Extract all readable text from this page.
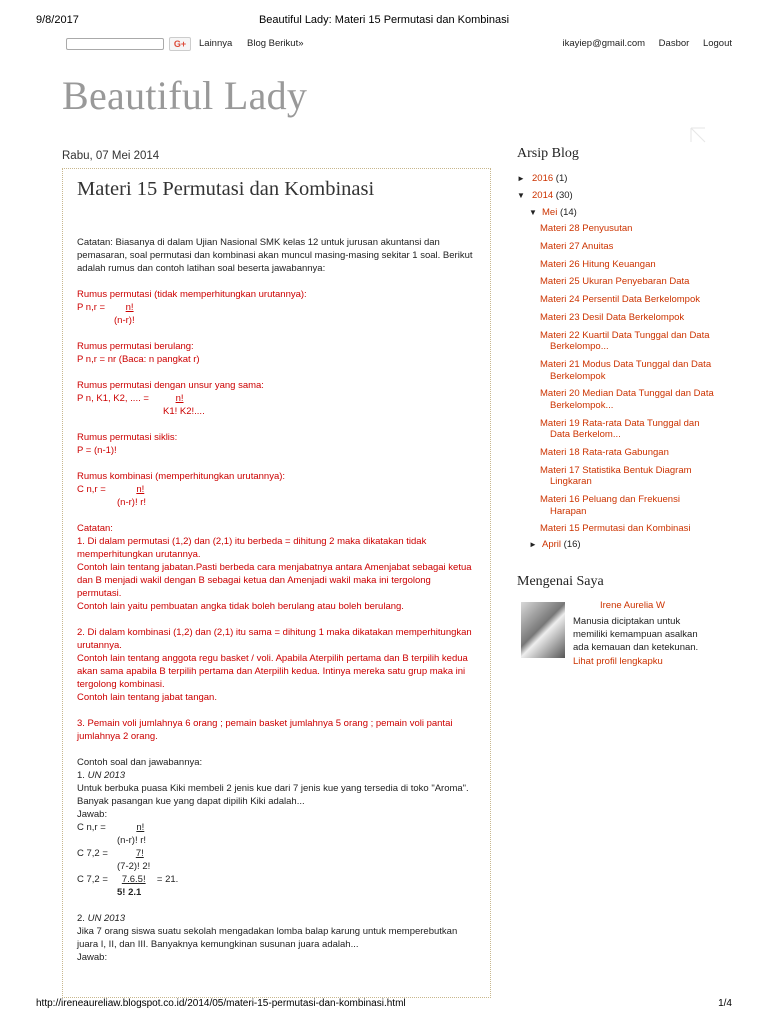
9/8/2017	Beautiful Lady: Materi 15 Permutasi dan Kombinasi
G+	Lainnya Blog Berikut»	ikayiep@gmail.com Dasbor Logout
Beautiful Lady
Rabu, 07 Mei 2014
Materi 15 Permutasi dan Kombinasi

Catatan: Biasanya di dalam Ujian Nasional SMK kelas 12 untuk jurusan akuntansi dan

pemasaran, soal permutasi dan kombinasi akan muncul masing-masing sekitar 1 soal. Berikut

adalah rumus dan contoh latihan soal beserta jawabannya:

Rumus permutasi (tidak memperhitungkan urutannya):

P n,r = n!

(n-r)!

Rumus permutasi berulang:

P n,r = nr (Baca: n pangkat r)

Rumus permutasi dengan unsur yang sama:

P n, K1, K2, .... =	n!

K1! K2!....

Rumus permutasi siklis:

P = (n-1)!

Rumus kombinasi (memperhitungkan urutannya):

C n,r =	n!

(n-r)! r!

Catatan:

1. Di dalam permutasi (1,2) dan (2,1) itu berbeda = dihitung 2 maka dikatakan tidak

memperhitungkan urutannya.

Contoh lain tentang jabatan.Pasti berbeda cara menjabatnya antara Amenjabat sebagai ketua

dan B menjadi wakil dengan B sebagai ketua dan Amenjadi wakil maka ini tergolong

permutasi.

Contoh lain yaitu pembuatan angka tidak boleh berulang atau boleh berulang.

2. Di dalam kombinasi (1,2) dan (2,1) itu sama = dihitung 1 maka dikatakan memperhitungkan

urutannya.

Contoh lain tentang anggota regu basket / voli. Apabila Aterpilih pertama dan B terpilih kedua

akan sama apabila B terpilih pertama dan Aterpilih kedua. Intinya mereka satu grup maka ini

tergolong kombinasi.

Contoh lain tentang jabat tangan.

3. Pemain voli jumlahnya 6 orang ; pemain basket jumlahnya 5 orang ; pemain voli pantai

jumlahnya 2 orang.

Contoh soal dan jawabannya:

1. UN 2013

Untuk berbuka puasa Kiki membeli 2 jenis kue dari 7 jenis kue yang tersedia di toko "Aroma".

Banyak pasangan kue yang dapat dipilih Kiki adalah...

Jawab:

C n,r =	n!

(n-r)! r!

C 7,2 =	7!

(7-2)! 2!

C 7,2 = 7.6.5! = 21.

5! 2.1

2. UN 2013

Jika 7 orang siswa suatu sekolah mengadakan lomba balap karung untuk memperebutkan

juara I, II, dan III. Banyaknya kemungkinan susunan juara adalah...

Jawab:

Arsip Blog
► 2016 (1)
▼ 2014 (30)
▼ Mei (14)
Materi 28 Penyusutan
Materi 27 Anuitas
Materi 26 Hitung Keuangan
Materi 25 Ukuran Penyebaran Data
Materi 24 Persentil Data Berkelompok
Materi 23 Desil Data Berkelompok
Materi 22 Kuartil Data Tunggal dan Data
Berkelompo...
Materi 21 Modus Data Tunggal dan Data
Berkelompok
Materi 20 Median Data Tunggal dan Data
Berkelompok...
Materi 19 Rata-rata Data Tunggal dan
Data Berkelom...
Materi 18 Rata-rata Gabungan
Materi 17 Statistika Bentuk Diagram
Lingkaran
Materi 16 Peluang dan Frekuensi
Harapan
Materi 15 Permutasi dan Kombinasi
► April (16)
Mengenai Saya
Irene Aurelia W
Manusia diciptakan untuk
memiliki kemampuan asalkan
ada kemauan dan ketekunan.
Lihat profil lengkapku
http://ireneaureliaw.blogspot.co.id/2014/05/materi-15-permutasi-dan-kombinasi.html	1/4
